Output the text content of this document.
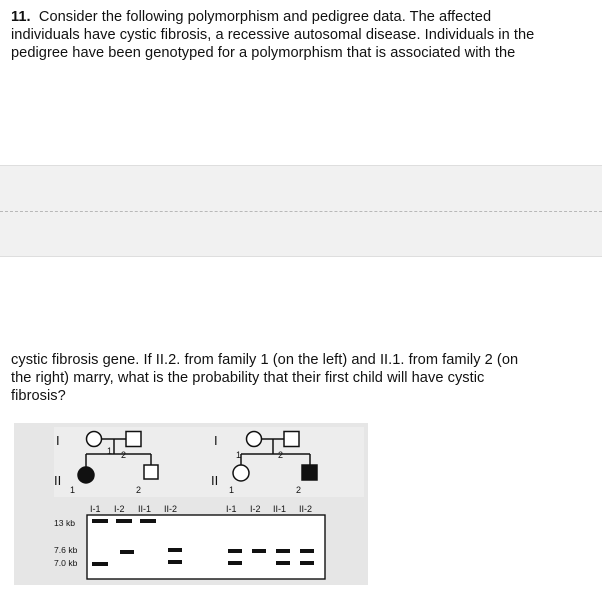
11. Consider the following polymorphism and pedigree data. The affected
individuals have cystic fibrosis, a recessive autosomal disease. Individuals in the
pedigree have been genotyped for a polymorphism that is associated with the
cystic fibrosis gene. If II.2. from family 1 (on the left) and II.1. from family 2 (on
the right) marry, what is the probability that their first child will have cystic
fibrosis?
I
II
I
II
1 2
1	2
1	2
1	2
I-1 I-2 II-1 II-2	I-1 I-2 II-1 II-2
13 kb
7.6 kb
7.0 kb
